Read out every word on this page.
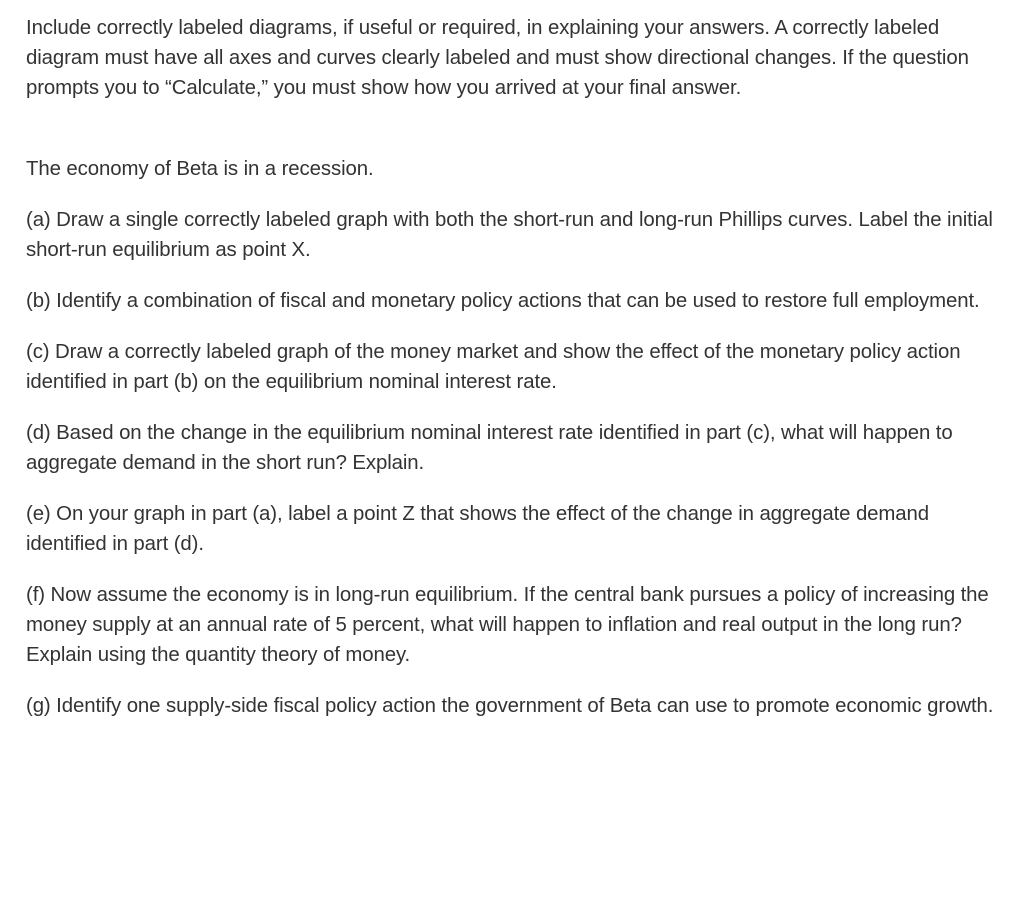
Include correctly labeled diagrams, if useful or required, in explaining your answers. A correctly labeled diagram must have all axes and curves clearly labeled and must show directional changes. If the question prompts you to “Calculate,” you must show how you arrived at your final answer.

The economy of Beta is in a recession.

(a) Draw a single correctly labeled graph with both the short-run and long-run Phillips curves. Label the initial short-run equilibrium as point X.

(b) Identify a combination of fiscal and monetary policy actions that can be used to restore full employment.

(c) Draw a correctly labeled graph of the money market and show the effect of the monetary policy action identified in part (b) on the equilibrium nominal interest rate.

(d) Based on the change in the equilibrium nominal interest rate identified in part (c), what will happen to aggregate demand in the short run? Explain.

(e) On your graph in part (a), label a point Z that shows the effect of the change in aggregate demand identified in part (d).

(f) Now assume the economy is in long-run equilibrium. If the central bank pursues a policy of increasing the money supply at an annual rate of 5 percent, what will happen to inflation and real output in the long run? Explain using the quantity theory of money.

(g) Identify one supply-side fiscal policy action the government of Beta can use to promote economic growth.
